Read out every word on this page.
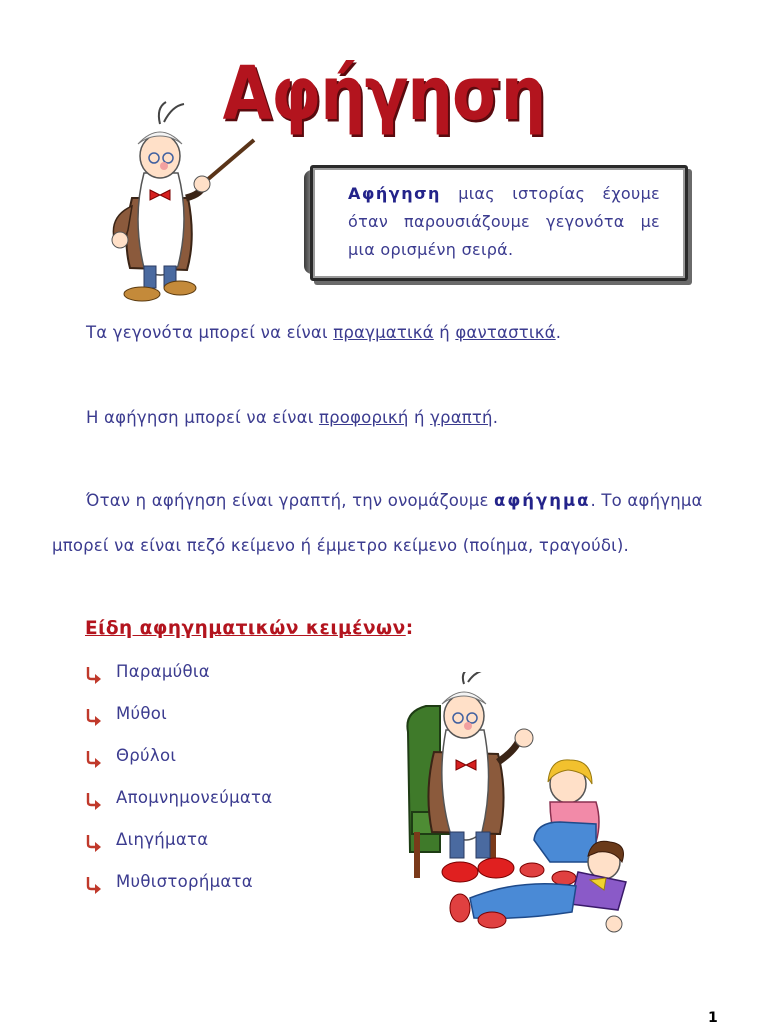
Αφήγηση
Αφήγηση μιας ιστορίας έχουμε όταν παρουσιάζουμε γεγονότα με μια ορισμένη σειρά.
Τα γεγονότα μπορεί να είναι πραγματικά ή φανταστικά.
Η αφήγηση μπορεί να είναι προφορική ή γραπτή.
Όταν η αφήγηση είναι γραπτή, την ονομάζουμε αφήγημα. Το αφήγημα
μπορεί να είναι πεζό κείμενο ή έμμετρο κείμενο (ποίημα, τραγούδι).
Είδη αφηγηματικών κειμένων:
Παραμύθια
Μύθοι
Θρύλοι
Απομνημονεύματα
Διηγήματα
Μυθιστορήματα
1
